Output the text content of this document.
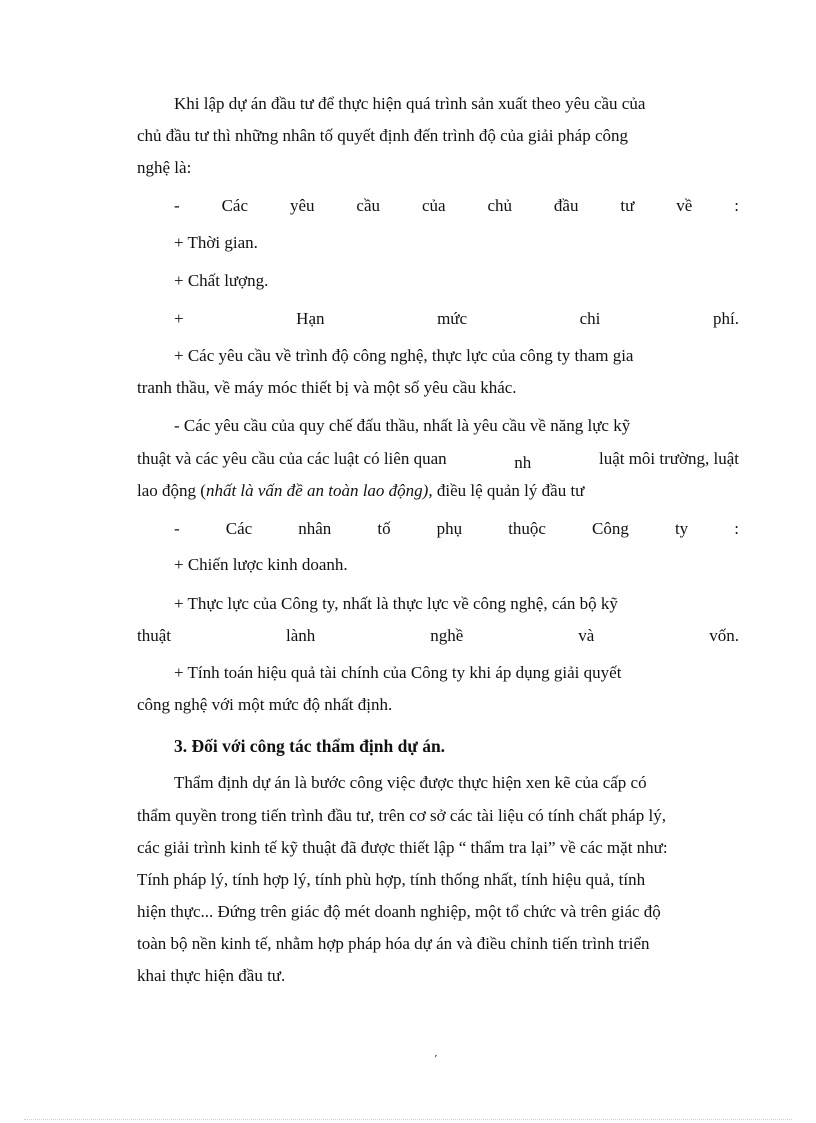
Khi lập dự án đầu tư để thực hiện quá trình sản xuất theo yêu cầu của
chủ đầu tư thì những nhân tố quyết định đến trình độ của giải pháp công
nghệ là:
- Các yêu cầu của chủ đầu tư về :
+ Thời gian.
+ Chất lượng.
+	Hạn	mức	chi	phí.
+ Các yêu cầu về trình độ công nghệ, thực lực của công ty tham gia
tranh thầu, về máy móc thiết bị và một số yêu cầu khác.
- Các yêu cầu của quy chế đấu thầu, nhất là yêu cầu về năng lực kỹ
thuật và các yêu cầu của các luật có liên quan	nh	luật môi trường, luật
lao động (nhất là vấn đề an toàn lao động), điều lệ quản lý đầu tư
-	Các	nhân	tố	phụ	thuộc	Công	ty	:
+ Chiến lược kinh doanh.
+ Thực lực của Công ty, nhất là thực lực về công nghệ, cán bộ kỹ
thuật	lành	nghề	và	vốn.
+ Tính toán hiệu quả tài chính của Công ty khi áp dụng giải quyết
công nghệ với một mức độ nhất định.
3. Đối với công tác thẩm định dự án.
Thẩm định dự án là bước công việc được thực hiện xen kẽ của cấp có
thẩm quyền trong tiến trình đầu tư, trên cơ sở các tài liệu có tính chất pháp lý,
các giải trình kinh tế kỹ thuật đã được thiết lập “ thẩm tra lại” về các mặt như:
Tính pháp lý, tính hợp lý, tính phù hợp, tính thống nhất, tính hiệu quả, tính
hiện thực... Đứng trên giác độ mét doanh nghiệp, một tổ chức và trên giác độ
toàn bộ nền kinh tế, nhằm hợp pháp hóa dự án và điều chỉnh tiến trình triển
khai thực hiện đầu tư.
´
